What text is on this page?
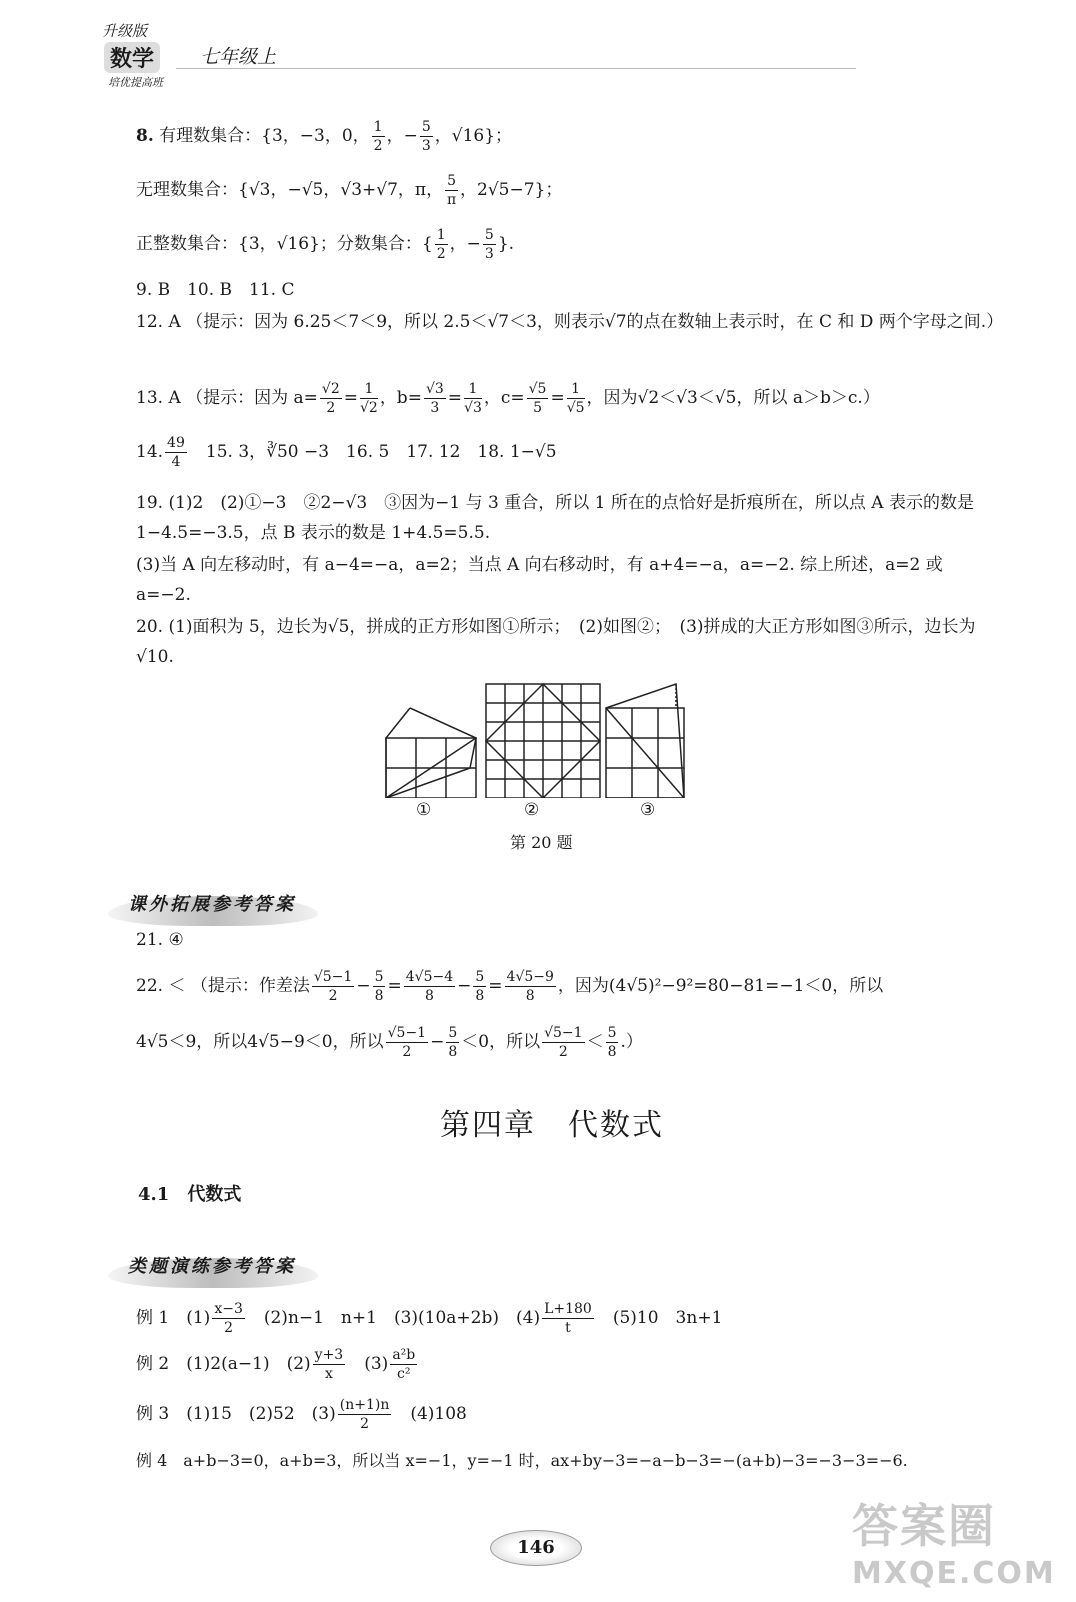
升级版
数学
培优提高班
七年级上
8. 有理数集合：{3，−3，0， $\frac{1}{2}$ ，− $\frac{5}{3}$ ，√16}；
无理数集合：{√3，−√5，√3+√7，π， $\frac{5}{\pi}$ ，2√5−7}；
正整数集合：{3，√16}；分数集合：{ $\frac{1}{2}$ ，− $\frac{5}{3}$ }.
9. B　10. B　11. C
12. A （提示：因为 6.25＜7＜9，所以 2.5＜√7＜3，则表示√7的点在数轴上表示时，在 C 和 D 两个字母之间.）
13. A （提示：因为 $a= \frac{√2}{2} = \frac{1}{√2}$ ，$b= \frac{√3}{3} = \frac{1}{√3}$ ，$c= \frac{√5}{5} = \frac{1}{√5}$ ，因为√2＜√3＜√5，所以 a＞b＞c.）
14. $\frac{49}{4}$ 　15. 3，∛50 −3　16. 5　17. 12　18. 1−√5
19. (1)2　(2)①−3　②2−√3　③因为−1 与 3 重合，所以 1 所在的点恰好是折痕所在，所以点 A 表示的数是 1−4.5=−3.5，点 B 表示的数是 1+4.5=5.5.
(3)当 A 向左移动时，有 a−4=−a，a=2；当点 A 向右移动时，有 a+4=−a，a=−2. 综上所述，a=2 或 a=−2.
20. (1)面积为 5，边长为√5，拼成的正方形如图①所示；　(2)如图②；　(3)拼成的大正方形如图③所示，边长为 √10.
①	②	③
第 20 题
课外拓展参考答案
21. ④
22. ＜ （提示：作差法 $\frac{√5-1}{2} - \frac{5}{8} = \frac{4√5-4}{8} - \frac{5}{8} = \frac{4√5-9}{8}$ ，因为(4√5)²−9²=80−81=−1＜0，所以
4√5＜9，所以4√5−9＜0，所以 $\frac{√5-1}{2} - \frac{5}{8} <0$，所以 $\frac{√5-1}{2} < \frac{5}{8}$ .）
第四章　代数式
4.1　代数式
类题演练参考答案
例 1　$(1) \frac{x-3}{2}$ 　(2)n−1　n+1　(3)(10a+2b)　$(4) \frac{L+180}{t}$ 　(5)10　3n+1
例 2　(1)2(a−1)　$(2) \frac{y+3}{x}$ 　$(3) \frac{\text{a²b}}{\text{c²}}$
例 3　(1)15　(2)52　$(3) \frac{(n+1)n}{2}$ 　(4)108
例 4　a+b−3=0，a+b=3，所以当 x=−1，y=−1 时，ax+by−3=−a−b−3=−(a+b)−3=−3−3=−6.
146	答案圈
MXQE.COM
